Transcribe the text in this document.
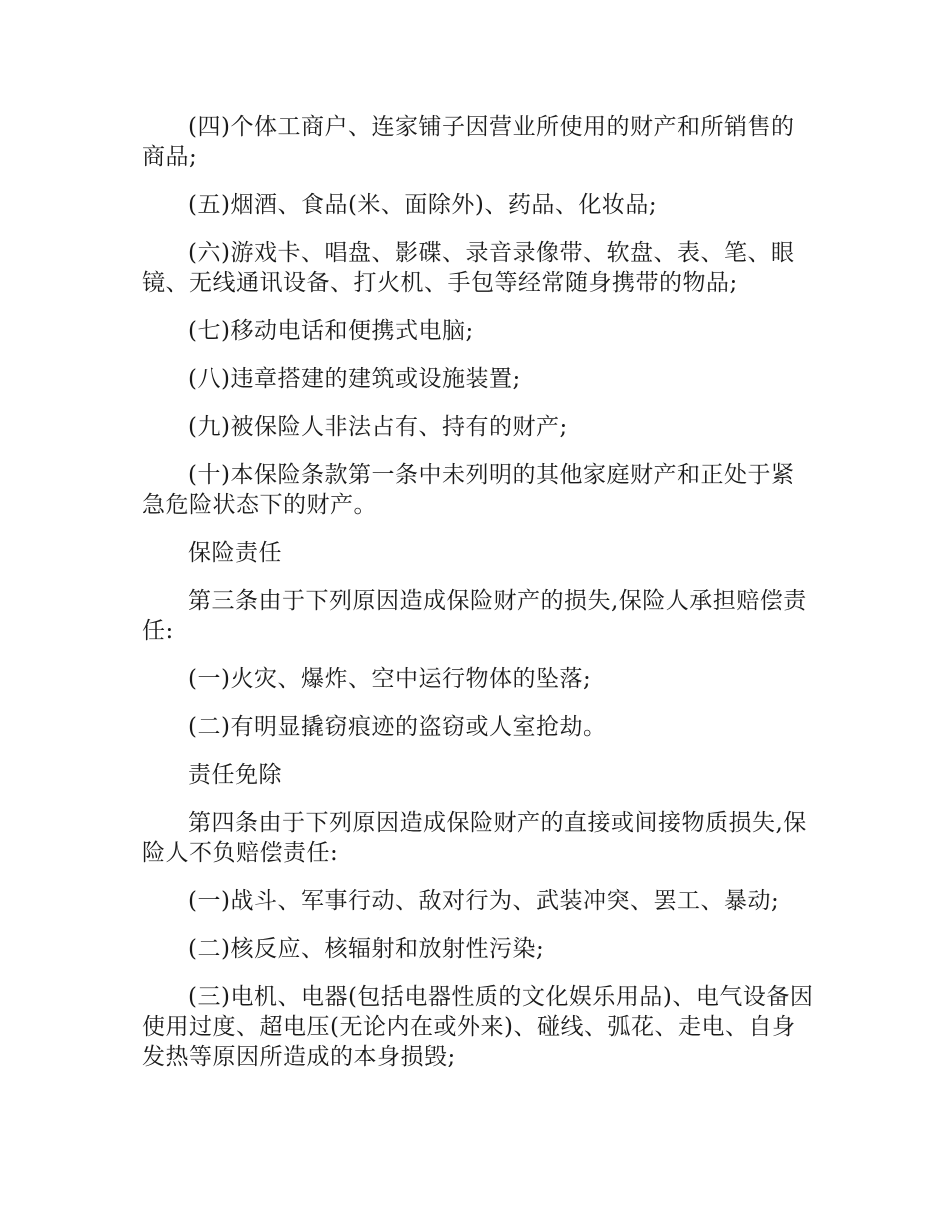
(四)个体工商户、连家铺子因营业所使用的财产和所销售的商品;

(五)烟酒、食品(米、面除外)、药品、化妆品;

(六)游戏卡、唱盘、影碟、录音录像带、软盘、表、笔、眼镜、无线通讯设备、打火机、手包等经常随身携带的物品;

(七)移动电话和便携式电脑;

(八)违章搭建的建筑或设施装置;

(九)被保险人非法占有、持有的财产;

(十)本保险条款第一条中未列明的其他家庭财产和正处于紧急危险状态下的财产。

保险责任

第三条由于下列原因造成保险财产的损失,保险人承担赔偿责任:

(一)火灾、爆炸、空中运行物体的坠落;

(二)有明显撬窃痕迹的盗窃或人室抢劫。

责任免除

第四条由于下列原因造成保险财产的直接或间接物质损失,保险人不负赔偿责任:

(一)战斗、军事行动、敌对行为、武装冲突、罢工、暴动;

(二)核反应、核辐射和放射性污染;

(三)电机、电器(包括电器性质的文化娱乐用品)、电气设备因使用过度、超电压(无论内在或外来)、碰线、弧花、走电、自身发热等原因所造成的本身损毁;
